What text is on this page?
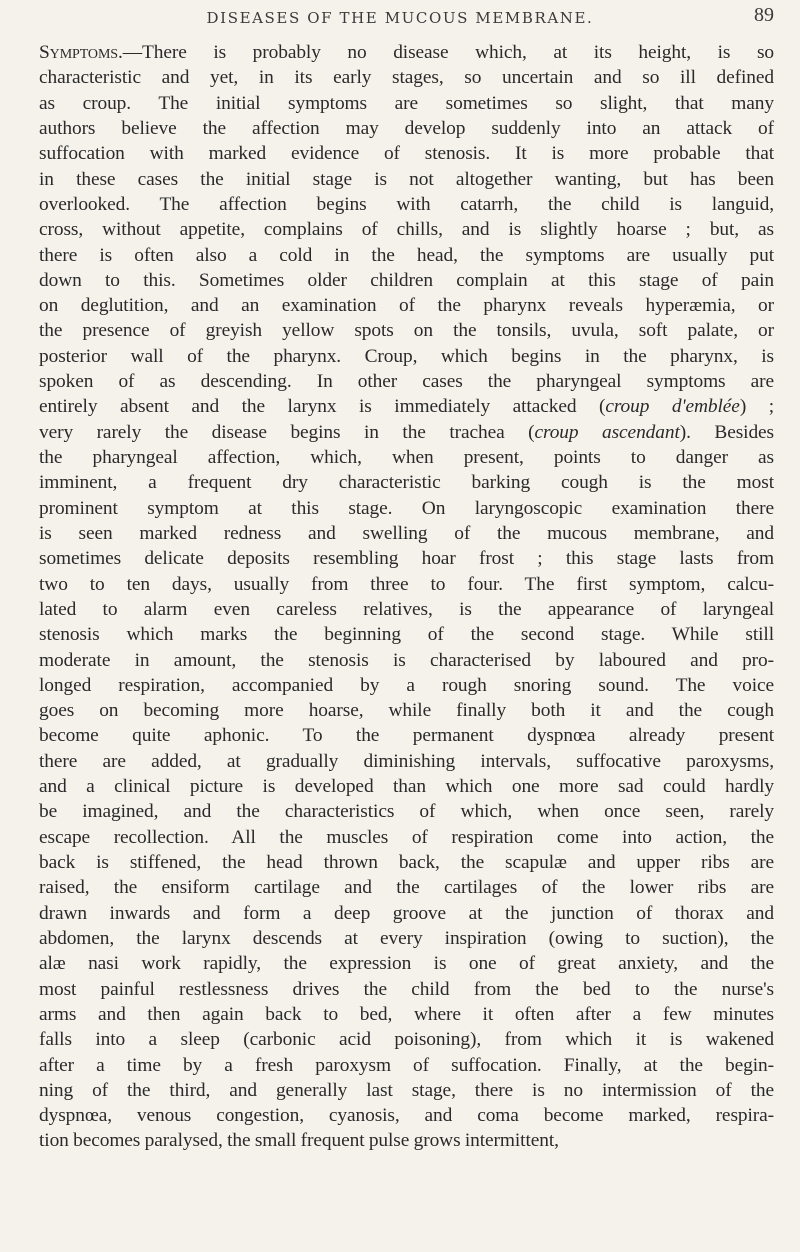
DISEASES OF THE MUCOUS MEMBRANE.	89
Symptoms.—There is probably no disease which, at its height, is so
characteristic and yet, in its early stages, so uncertain and so ill defined
as croup. The initial symptoms are sometimes so slight, that many
authors believe the affection may develop suddenly into an attack of
suffocation with marked evidence of stenosis. It is more probable that
in these cases the initial stage is not altogether wanting, but has been
overlooked. The affection begins with catarrh, the child is languid,
cross, without appetite, complains of chills, and is slightly hoarse ; but, as
there is often also a cold in the head, the symptoms are usually put
down to this. Sometimes older children complain at this stage of pain
on deglutition, and an examination of the pharynx reveals hyperæmia, or
the presence of greyish yellow spots on the tonsils, uvula, soft palate, or
posterior wall of the pharynx. Croup, which begins in the pharynx, is
spoken of as descending. In other cases the pharyngeal symptoms are
entirely absent and the larynx is immediately attacked (croup d'emblée) ;
very rarely the disease begins in the trachea (croup ascendant). Besides
the pharyngeal affection, which, when present, points to danger as
imminent, a frequent dry characteristic barking cough is the most
prominent symptom at this stage. On laryngoscopic examination there
is seen marked redness and swelling of the mucous membrane, and
sometimes delicate deposits resembling hoar frost ; this stage lasts from
two to ten days, usually from three to four. The first symptom, calcu-
lated to alarm even careless relatives, is the appearance of laryngeal
stenosis which marks the beginning of the second stage. While still
moderate in amount, the stenosis is characterised by laboured and pro-
longed respiration, accompanied by a rough snoring sound. The voice
goes on becoming more hoarse, while finally both it and the cough
become quite aphonic. To the permanent dyspnœa already present
there are added, at gradually diminishing intervals, suffocative paroxysms,
and a clinical picture is developed than which one more sad could hardly
be imagined, and the characteristics of which, when once seen, rarely
escape recollection. All the muscles of respiration come into action, the
back is stiffened, the head thrown back, the scapulæ and upper ribs are
raised, the ensiform cartilage and the cartilages of the lower ribs are
drawn inwards and form a deep groove at the junction of thorax and
abdomen, the larynx descends at every inspiration (owing to suction), the
alæ nasi work rapidly, the expression is one of great anxiety, and the
most painful restlessness drives the child from the bed to the nurse's
arms and then again back to bed, where it often after a few minutes
falls into a sleep (carbonic acid poisoning), from which it is wakened
after a time by a fresh paroxysm of suffocation. Finally, at the begin-
ning of the third, and generally last stage, there is no intermission of the
dyspnœa, venous congestion, cyanosis, and coma become marked, respira-
tion becomes paralysed, the small frequent pulse grows intermittent,
